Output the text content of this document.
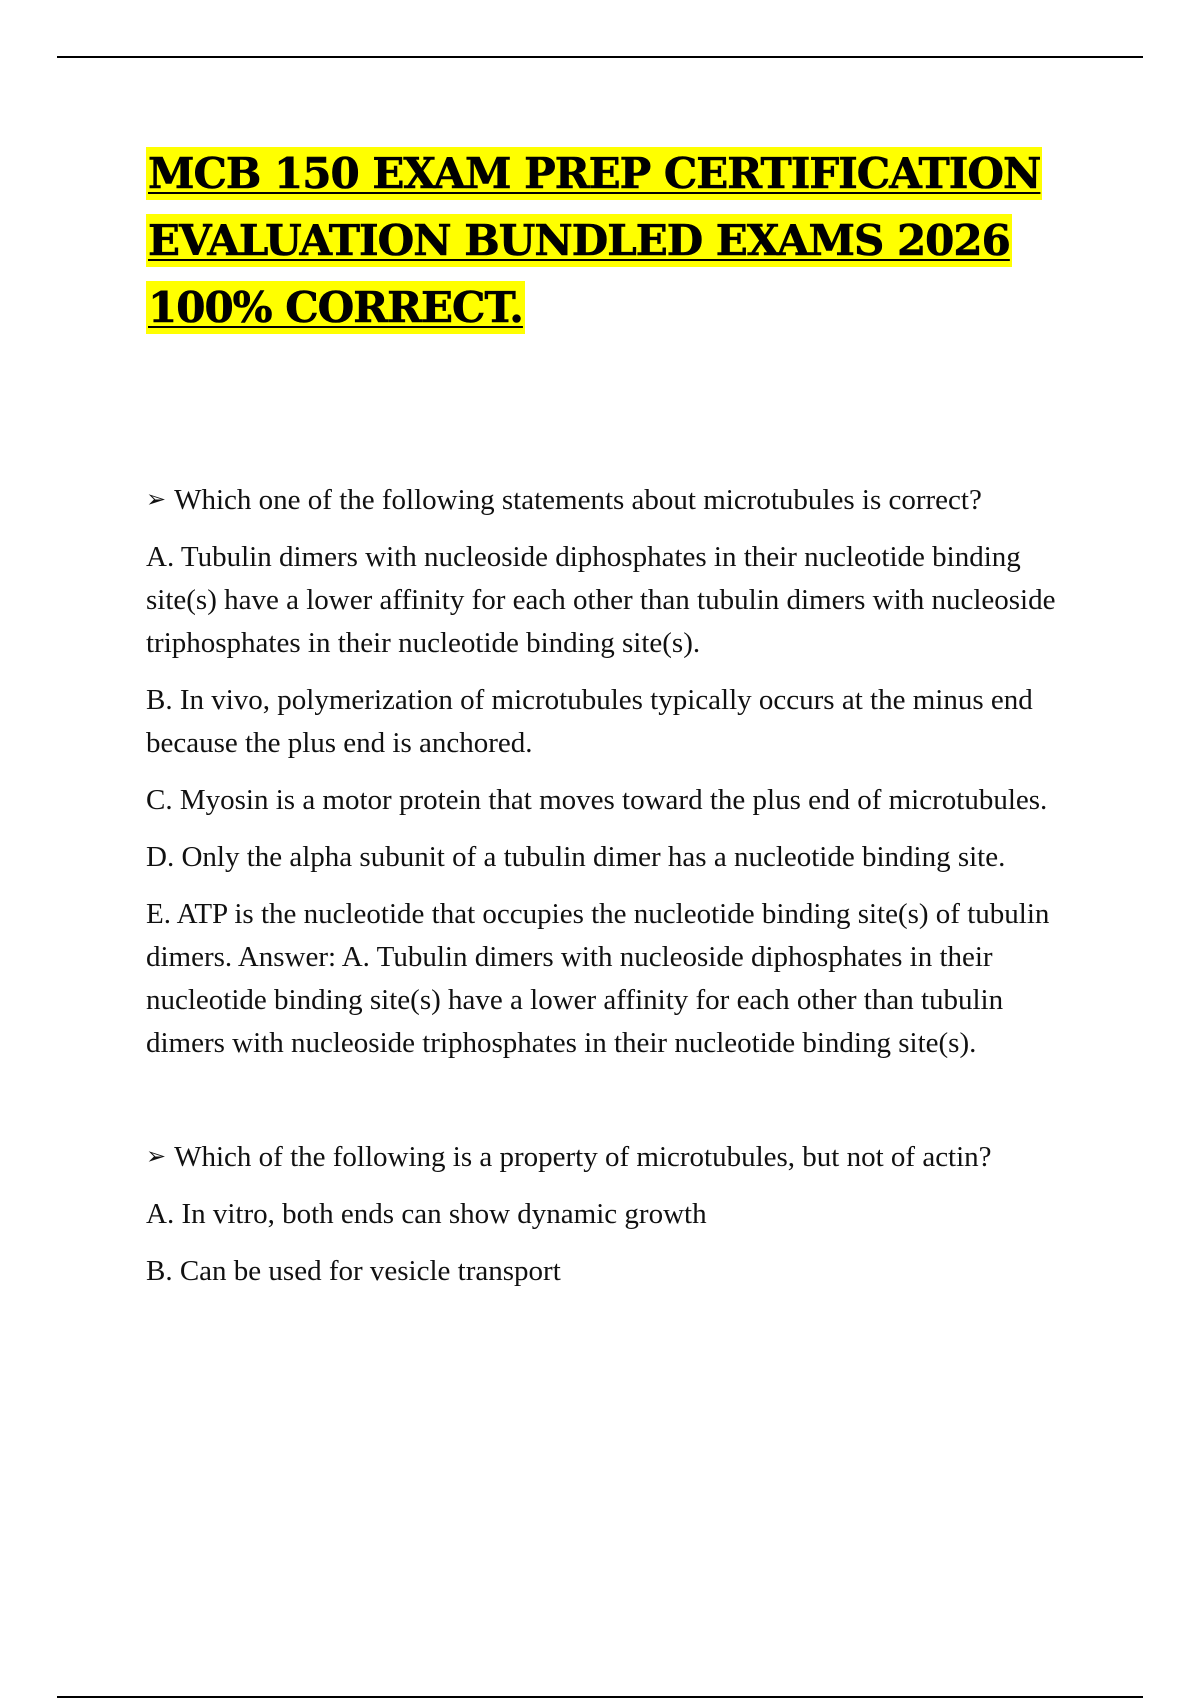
MCB 150 EXAM PREP CERTIFICATION
EVALUATION BUNDLED EXAMS 2026
100% CORRECT.

➢ Which one of the following statements about microtubules is correct?

A. Tubulin dimers with nucleoside diphosphates in their nucleotide binding site(s) have a lower affinity for each other than tubulin dimers with nucleoside triphosphates in their nucleotide binding site(s).

B. In vivo, polymerization of microtubules typically occurs at the minus end because the plus end is anchored.

C. Myosin is a motor protein that moves toward the plus end of microtubules.

D. Only the alpha subunit of a tubulin dimer has a nucleotide binding site.

E. ATP is the nucleotide that occupies the nucleotide binding site(s) of tubulin dimers. Answer: A. Tubulin dimers with nucleoside diphosphates in their nucleotide binding site(s) have a lower affinity for each other than tubulin dimers with nucleoside triphosphates in their nucleotide binding site(s).

➢ Which of the following is a property of microtubules, but not of actin?

A. In vitro, both ends can show dynamic growth

B. Can be used for vesicle transport
